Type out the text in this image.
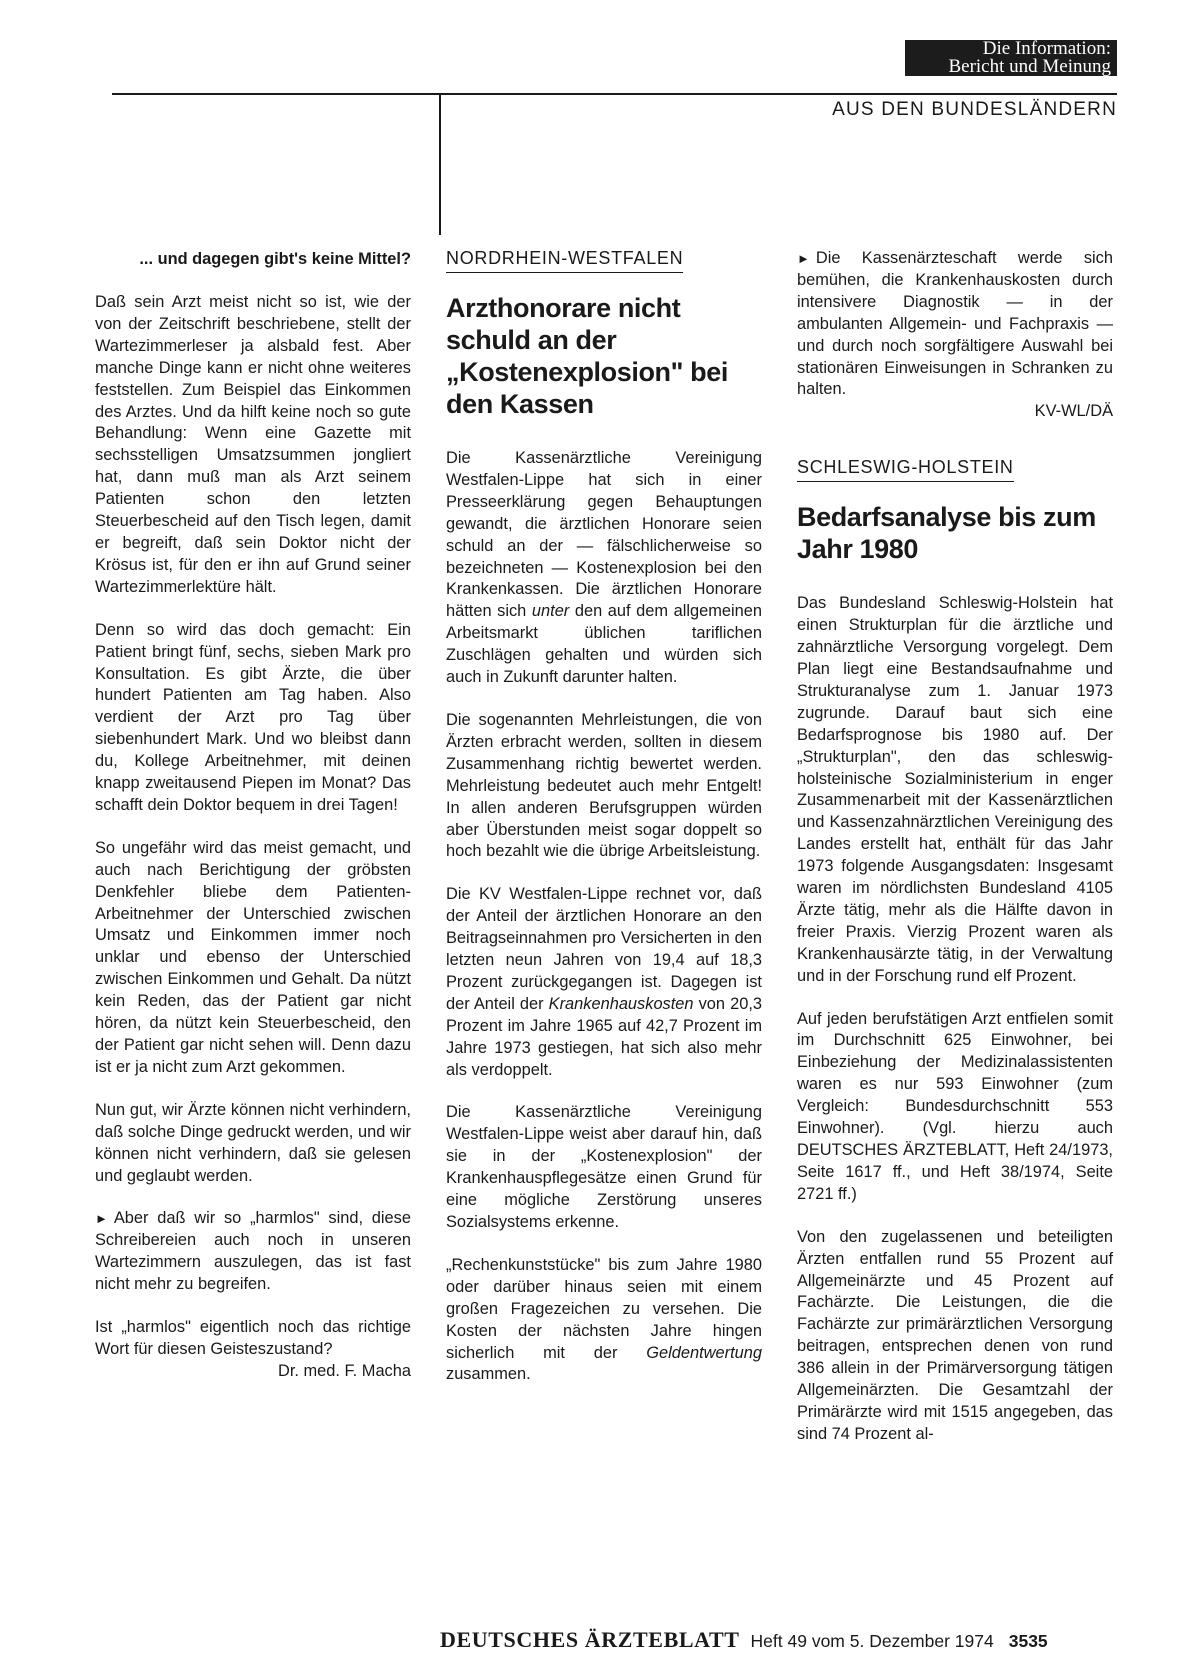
Die Information:
Bericht und Meinung
AUS DEN BUNDESLÄNDERN
... und dagegen gibt's keine Mittel?

Daß sein Arzt meist nicht so ist, wie der von der Zeitschrift beschriebene, stellt der Wartezimmerleser ja alsbald fest. Aber manche Dinge kann er nicht ohne weiteres feststellen. Zum Beispiel das Einkommen des Arztes. Und da hilft keine noch so gute Behandlung: Wenn eine Gazette mit sechsstelligen Umsatzsummen jongliert hat, dann muß man als Arzt seinem Patienten schon den letzten Steuerbescheid auf den Tisch legen, damit er begreift, daß sein Doktor nicht der Krösus ist, für den er ihn auf Grund seiner Wartezimmerlektüre hält.

Denn so wird das doch gemacht: Ein Patient bringt fünf, sechs, sieben Mark pro Konsultation. Es gibt Ärzte, die über hundert Patienten am Tag haben. Also verdient der Arzt pro Tag über siebenhundert Mark. Und wo bleibst dann du, Kollege Arbeitnehmer, mit deinen knapp zweitausend Piepen im Monat? Das schafft dein Doktor bequem in drei Tagen!

So ungefähr wird das meist gemacht, und auch nach Berichtigung der gröbsten Denkfehler bliebe dem Patienten-Arbeitnehmer der Unterschied zwischen Umsatz und Einkommen immer noch unklar und ebenso der Unterschied zwischen Einkommen und Gehalt. Da nützt kein Reden, das der Patient gar nicht hören, da nützt kein Steuerbescheid, den der Patient gar nicht sehen will. Denn dazu ist er ja nicht zum Arzt gekommen.

Nun gut, wir Ärzte können nicht verhindern, daß solche Dinge gedruckt werden, und wir können nicht verhindern, daß sie gelesen und geglaubt werden.

► Aber daß wir so „harmlos" sind, diese Schreibereien auch noch in unseren Wartezimmern auszulegen, das ist fast nicht mehr zu begreifen.

Ist „harmlos" eigentlich noch das richtige Wort für diesen Geisteszustand?
Dr. med. F. Macha

NORDRHEIN-WESTFALEN
Arzthonorare nicht schuld an der „Kostenexplosion" bei den Kassen

Die Kassenärztliche Vereinigung Westfalen-Lippe hat sich in einer Presseerklärung gegen Behauptungen gewandt, die ärztlichen Honorare seien schuld an der — fälschlicherweise so bezeichneten — Kostenexplosion bei den Krankenkassen. Die ärztlichen Honorare hätten sich unter den auf dem allgemeinen Arbeitsmarkt üblichen tariflichen Zuschlägen gehalten und würden sich auch in Zukunft darunter halten.

Die sogenannten Mehrleistungen, die von Ärzten erbracht werden, sollten in diesem Zusammenhang richtig bewertet werden. Mehrleistung bedeutet auch mehr Entgelt! In allen anderen Berufsgruppen würden aber Überstunden meist sogar doppelt so hoch bezahlt wie die übrige Arbeitsleistung.

Die KV Westfalen-Lippe rechnet vor, daß der Anteil der ärztlichen Honorare an den Beitragseinnahmen pro Versicherten in den letzten neun Jahren von 19,4 auf 18,3 Prozent zurückgegangen ist. Dagegen ist der Anteil der Krankenhauskosten von 20,3 Prozent im Jahre 1965 auf 42,7 Prozent im Jahre 1973 gestiegen, hat sich also mehr als verdoppelt.

Die Kassenärztliche Vereinigung Westfalen-Lippe weist aber darauf hin, daß sie in der „Kostenexplosion" der Krankenhauspflegesätze einen Grund für eine mögliche Zerstörung unseres Sozialsystems erkenne.

„Rechenkunststücke" bis zum Jahre 1980 oder darüber hinaus seien mit einem großen Fragezeichen zu versehen. Die Kosten der nächsten Jahre hingen sicherlich mit der Geldentwertung zusammen.

► Die Kassenärzteschaft werde sich bemühen, die Krankenhauskosten durch intensivere Diagnostik — in der ambulanten Allgemein- und Fachpraxis — und durch noch sorgfältigere Auswahl bei stationären Einweisungen in Schranken zu halten.
KV-WL/DÄ

SCHLESWIG-HOLSTEIN
Bedarfsanalyse bis zum Jahr 1980

Das Bundesland Schleswig-Holstein hat einen Strukturplan für die ärztliche und zahnärztliche Versorgung vorgelegt. Dem Plan liegt eine Bestandsaufnahme und Strukturanalyse zum 1. Januar 1973 zugrunde. Darauf baut sich eine Bedarfsprognose bis 1980 auf. Der „Strukturplan", den das schleswig-holsteinische Sozialministerium in enger Zusammenarbeit mit der Kassenärztlichen und Kassenzahnärztlichen Vereinigung des Landes erstellt hat, enthält für das Jahr 1973 folgende Ausgangsdaten: Insgesamt waren im nördlichsten Bundesland 4105 Ärzte tätig, mehr als die Hälfte davon in freier Praxis. Vierzig Prozent waren als Krankenhausärzte tätig, in der Verwaltung und in der Forschung rund elf Prozent.

Auf jeden berufstätigen Arzt entfielen somit im Durchschnitt 625 Einwohner, bei Einbeziehung der Medizinalassistenten waren es nur 593 Einwohner (zum Vergleich: Bundesdurchschnitt 553 Einwohner). (Vgl. hierzu auch DEUTSCHES ÄRZTEBLATT, Heft 24/1973, Seite 1617 ff., und Heft 38/1974, Seite 2721 ff.)

Von den zugelassenen und beteiligten Ärzten entfallen rund 55 Prozent auf Allgemeinärzte und 45 Prozent auf Fachärzte. Die Leistungen, die die Fachärzte zur primärärztlichen Versorgung beitragen, entsprechen denen von rund 386 allein in der Primärversorgung tätigen Allgemeinärzten. Die Gesamtzahl der Primärärzte wird mit 1515 angegeben, das sind 74 Prozent al-

DEUTSCHES ÄRZTEBLATT Heft 49 vom 5. Dezember 1974 3535
